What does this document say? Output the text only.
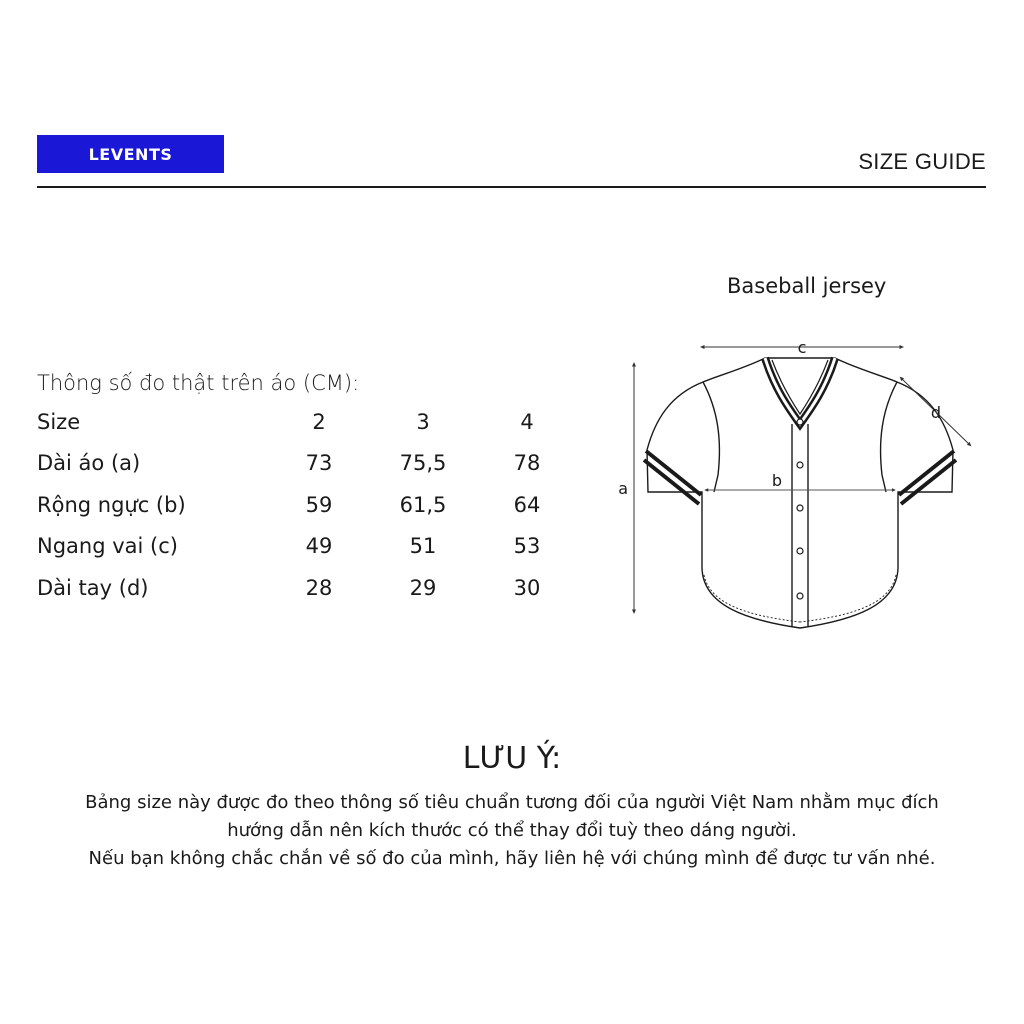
LEVENTS	SIZE GUIDE
Thông số đo thật trên áo (CM):
Size	2	3	4
Dài áo (a)	73	75,5	78
Rộng ngực (b)	59	61,5	64
Ngang vai (c)	49	51	53
Dài tay (d)	28	29	30
Baseball jersey
a	b
c
d
LƯU Ý:
Bảng size này được đo theo thông số tiêu chuẩn tương đối của người Việt Nam nhằm mục đích
hướng dẫn nên kích thước có thể thay đổi tuỳ theo dáng người.
Nếu bạn không chắc chắn về số đo của mình, hãy liên hệ với chúng mình để được tư vấn nhé.
